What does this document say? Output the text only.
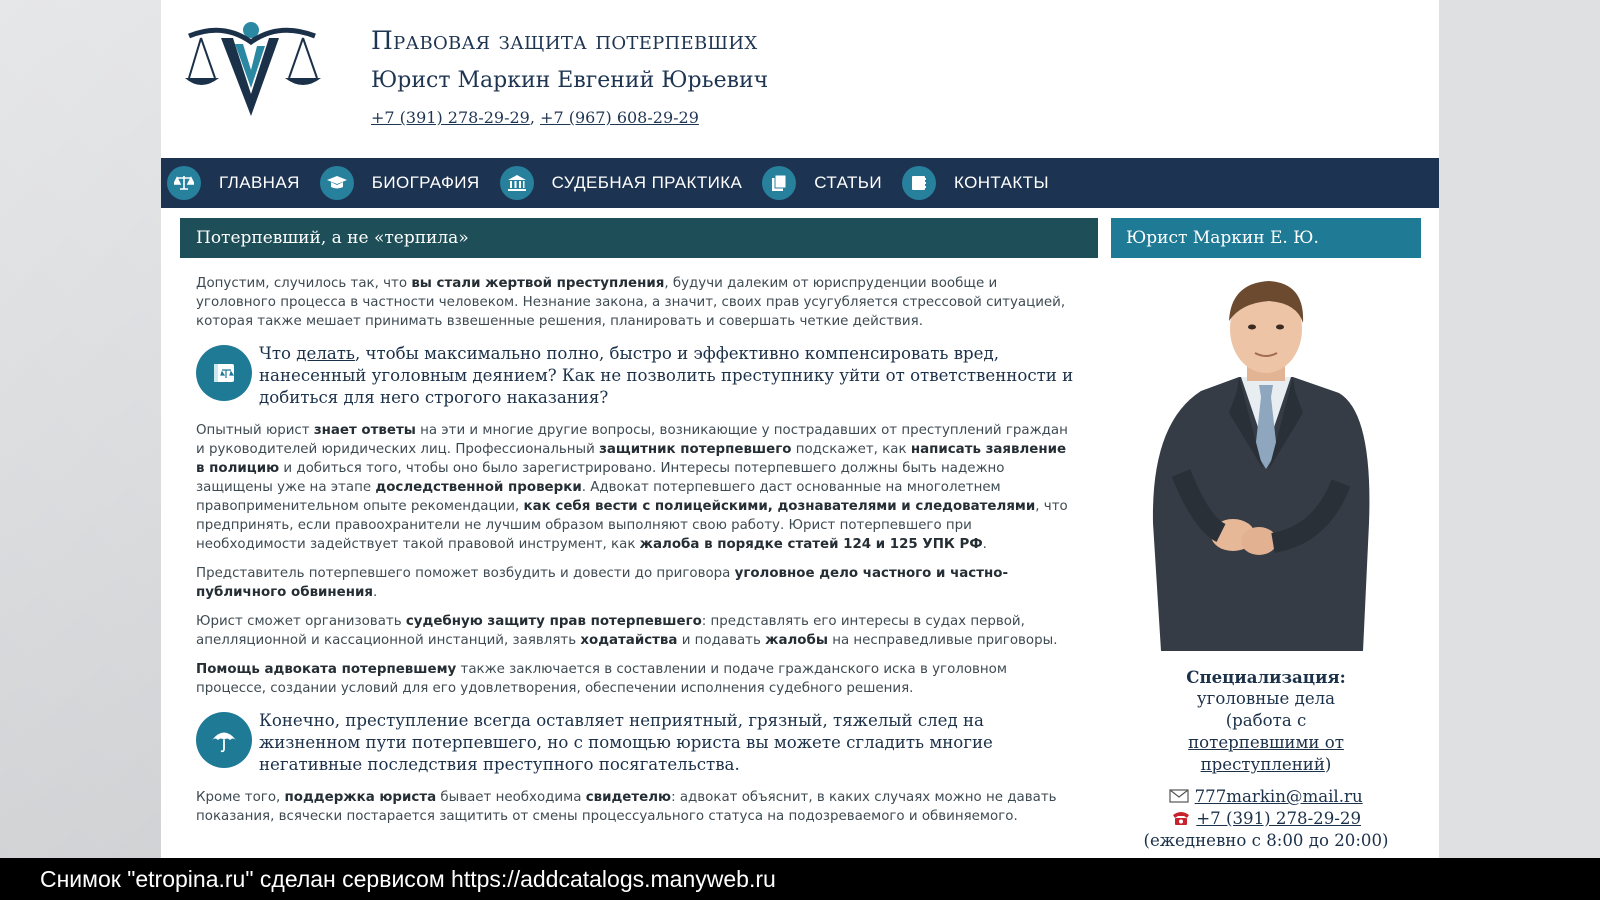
Правовая защита потерпевших
Юрист Маркин Евгений Юрьевич
+7 (391) 278-29-29, +7 (967) 608-29-29
ГЛАВНАЯ	БИОГРАФИЯ	СУДЕБНАЯ ПРАКТИКА	СТАТЬИ	КОНТАКТЫ
Потерпевший, а не «терпила»

Допустим, случилось так, что вы стали жертвой преступления, будучи далеким от юриспруденции вообще и уголовного процесса в частности человеком. Незнание закона, а значит, своих прав усугубляется стрессовой ситуацией, которая также мешает принимать взвешенные решения, планировать и совершать четкие действия.

Что делать, чтобы максимально полно, быстро и эффективно компенсировать вред, нанесенный уголовным деянием? Как не позволить преступнику уйти от ответственности и добиться для него строгого наказания?

Опытный юрист знает ответы на эти и многие другие вопросы, возникающие у пострадавших от преступлений граждан и руководителей юридических лиц. Профессиональный защитник потерпевшего подскажет, как написать заявление в полицию и добиться того, чтобы оно было зарегистрировано. Интересы потерпевшего должны быть надежно защищены уже на этапе доследственной проверки. Адвокат потерпевшего даст основанные на многолетнем правоприменительном опыте рекомендации, как себя вести с полицейскими, дознавателями и следователями, что предпринять, если правоохранители не лучшим образом выполняют свою работу. Юрист потерпевшего при необходимости задействует такой правовой инструмент, как жалоба в порядке статей 124 и 125 УПК РФ.

Представитель потерпевшего поможет возбудить и довести до приговора уголовное дело частного и частно-публичного обвинения.

Юрист сможет организовать судебную защиту прав потерпевшего: представлять его интересы в судах первой, апелляционной и кассационной инстанций, заявлять ходатайства и подавать жалобы на несправедливые приговоры.

Помощь адвоката потерпевшему также заключается в составлении и подаче гражданского иска в уголовном процессе, создании условий для его удовлетворения, обеспечении исполнения судебного решения.

Конечно, преступление всегда оставляет неприятный, грязный, тяжелый след на жизненном пути потерпевшего, но с помощью юриста вы можете сгладить многие негативные последствия преступного посягательства.

Кроме того, поддержка юриста бывает необходима свидетелю: адвокат объяснит, в каких случаях можно не давать показания, всячески постарается защитить от смены процессуального статуса на подозреваемого и обвиняемого.

Юрист Маркин Е. Ю.
Специализация:
уголовные дела (работа с потерпевшими от преступлений)
777markin@mail.ru
+7 (391) 278-29-29
(ежедневно с 8:00 до 20:00)
Снимок "etropina.ru" сделан сервисом https://addcatalogs.manyweb.ru
